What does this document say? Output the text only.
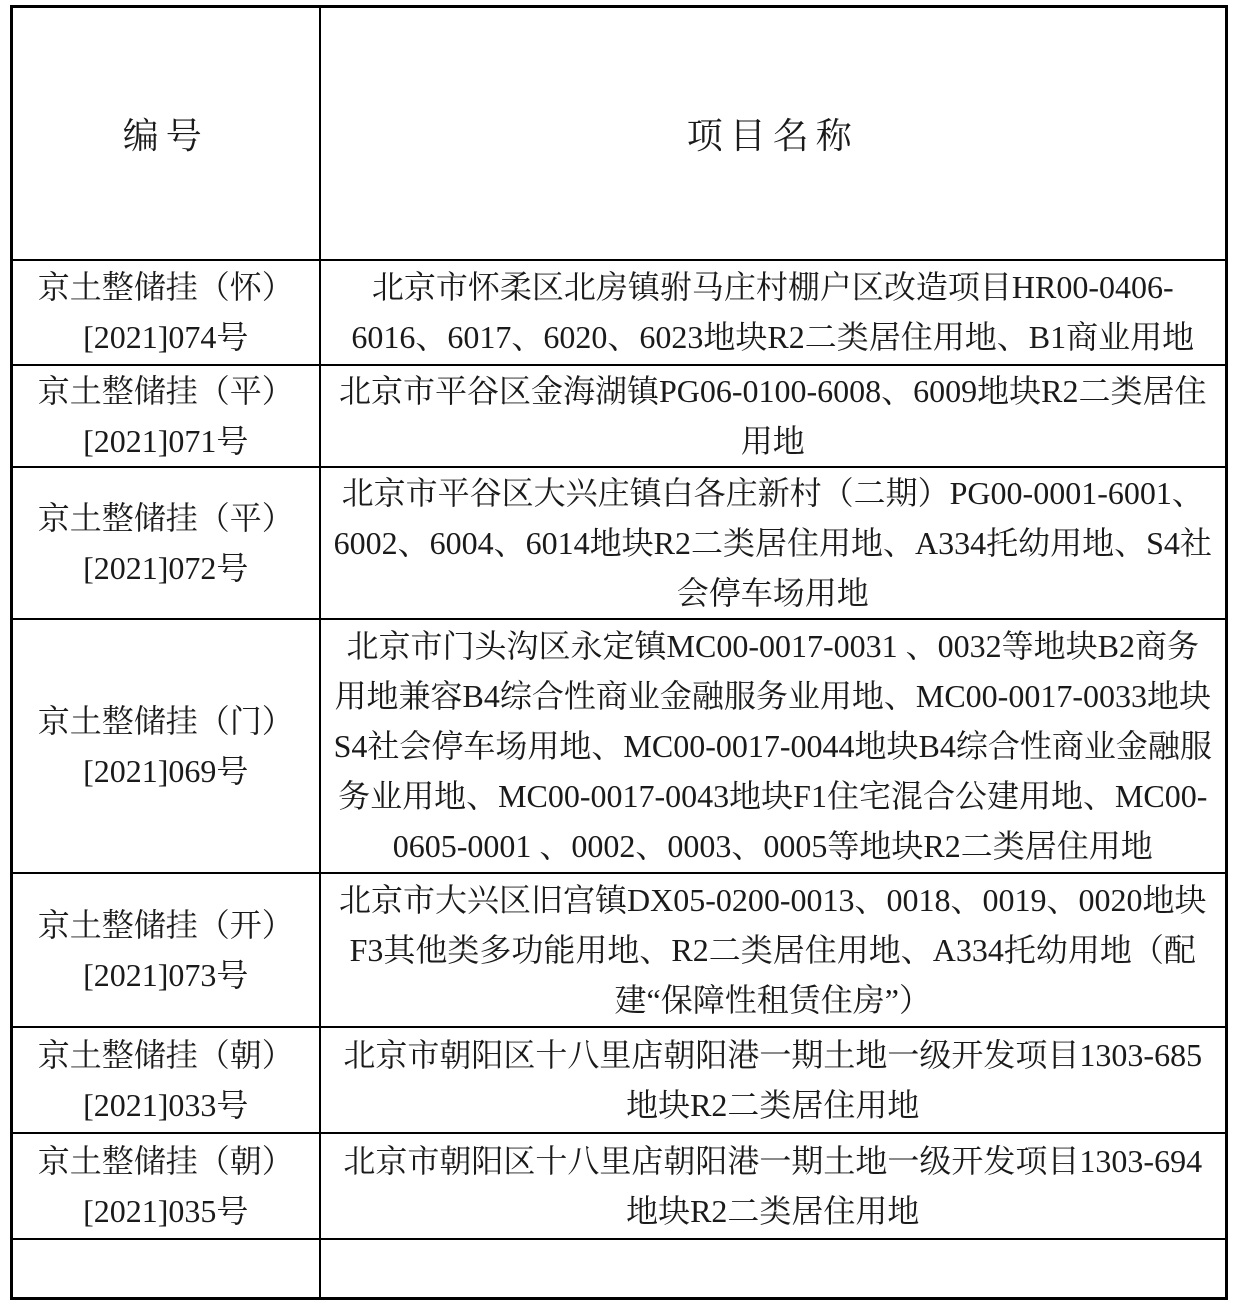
编号	项目名称

京土整储挂（怀）
[2021]074号	北京市怀柔区北房镇驸马庄村棚户区改造项目HR00-0406-6016、6017、6020、6023地块R2二类居住用地、B1商业用地

京土整储挂（平）
[2021]071号	北京市平谷区金海湖镇PG06-0100-6008、6009地块R2二类居住用地

京土整储挂（平）
[2021]072号	北京市平谷区大兴庄镇白各庄新村（二期）PG00-0001-6001、6002、6004、6014地块R2二类居住用地、A334托幼用地、S4社会停车场用地

京土整储挂（门）
[2021]069号	北京市门头沟区永定镇MC00-0017-0031 、0032等地块B2商务用地兼容B4综合性商业金融服务业用地、MC00-0017-0033地块S4社会停车场用地、MC00-0017-0044地块B4综合性商业金融服务业用地、MC00-0017-0043地块F1住宅混合公建用地、MC00-0605-0001 、0002、0003、0005等地块R2二类居住用地

京土整储挂（开）
[2021]073号	北京市大兴区旧宫镇DX05-0200-0013、0018、0019、0020地块F3其他类多功能用地、R2二类居住用地、A334托幼用地（配建“保障性租赁住房”）

京土整储挂（朝）
[2021]033号	北京市朝阳区十八里店朝阳港一期土地一级开发项目1303-685地块R2二类居住用地

京土整储挂（朝）
[2021]035号	北京市朝阳区十八里店朝阳港一期土地一级开发项目1303-694地块R2二类居住用地
